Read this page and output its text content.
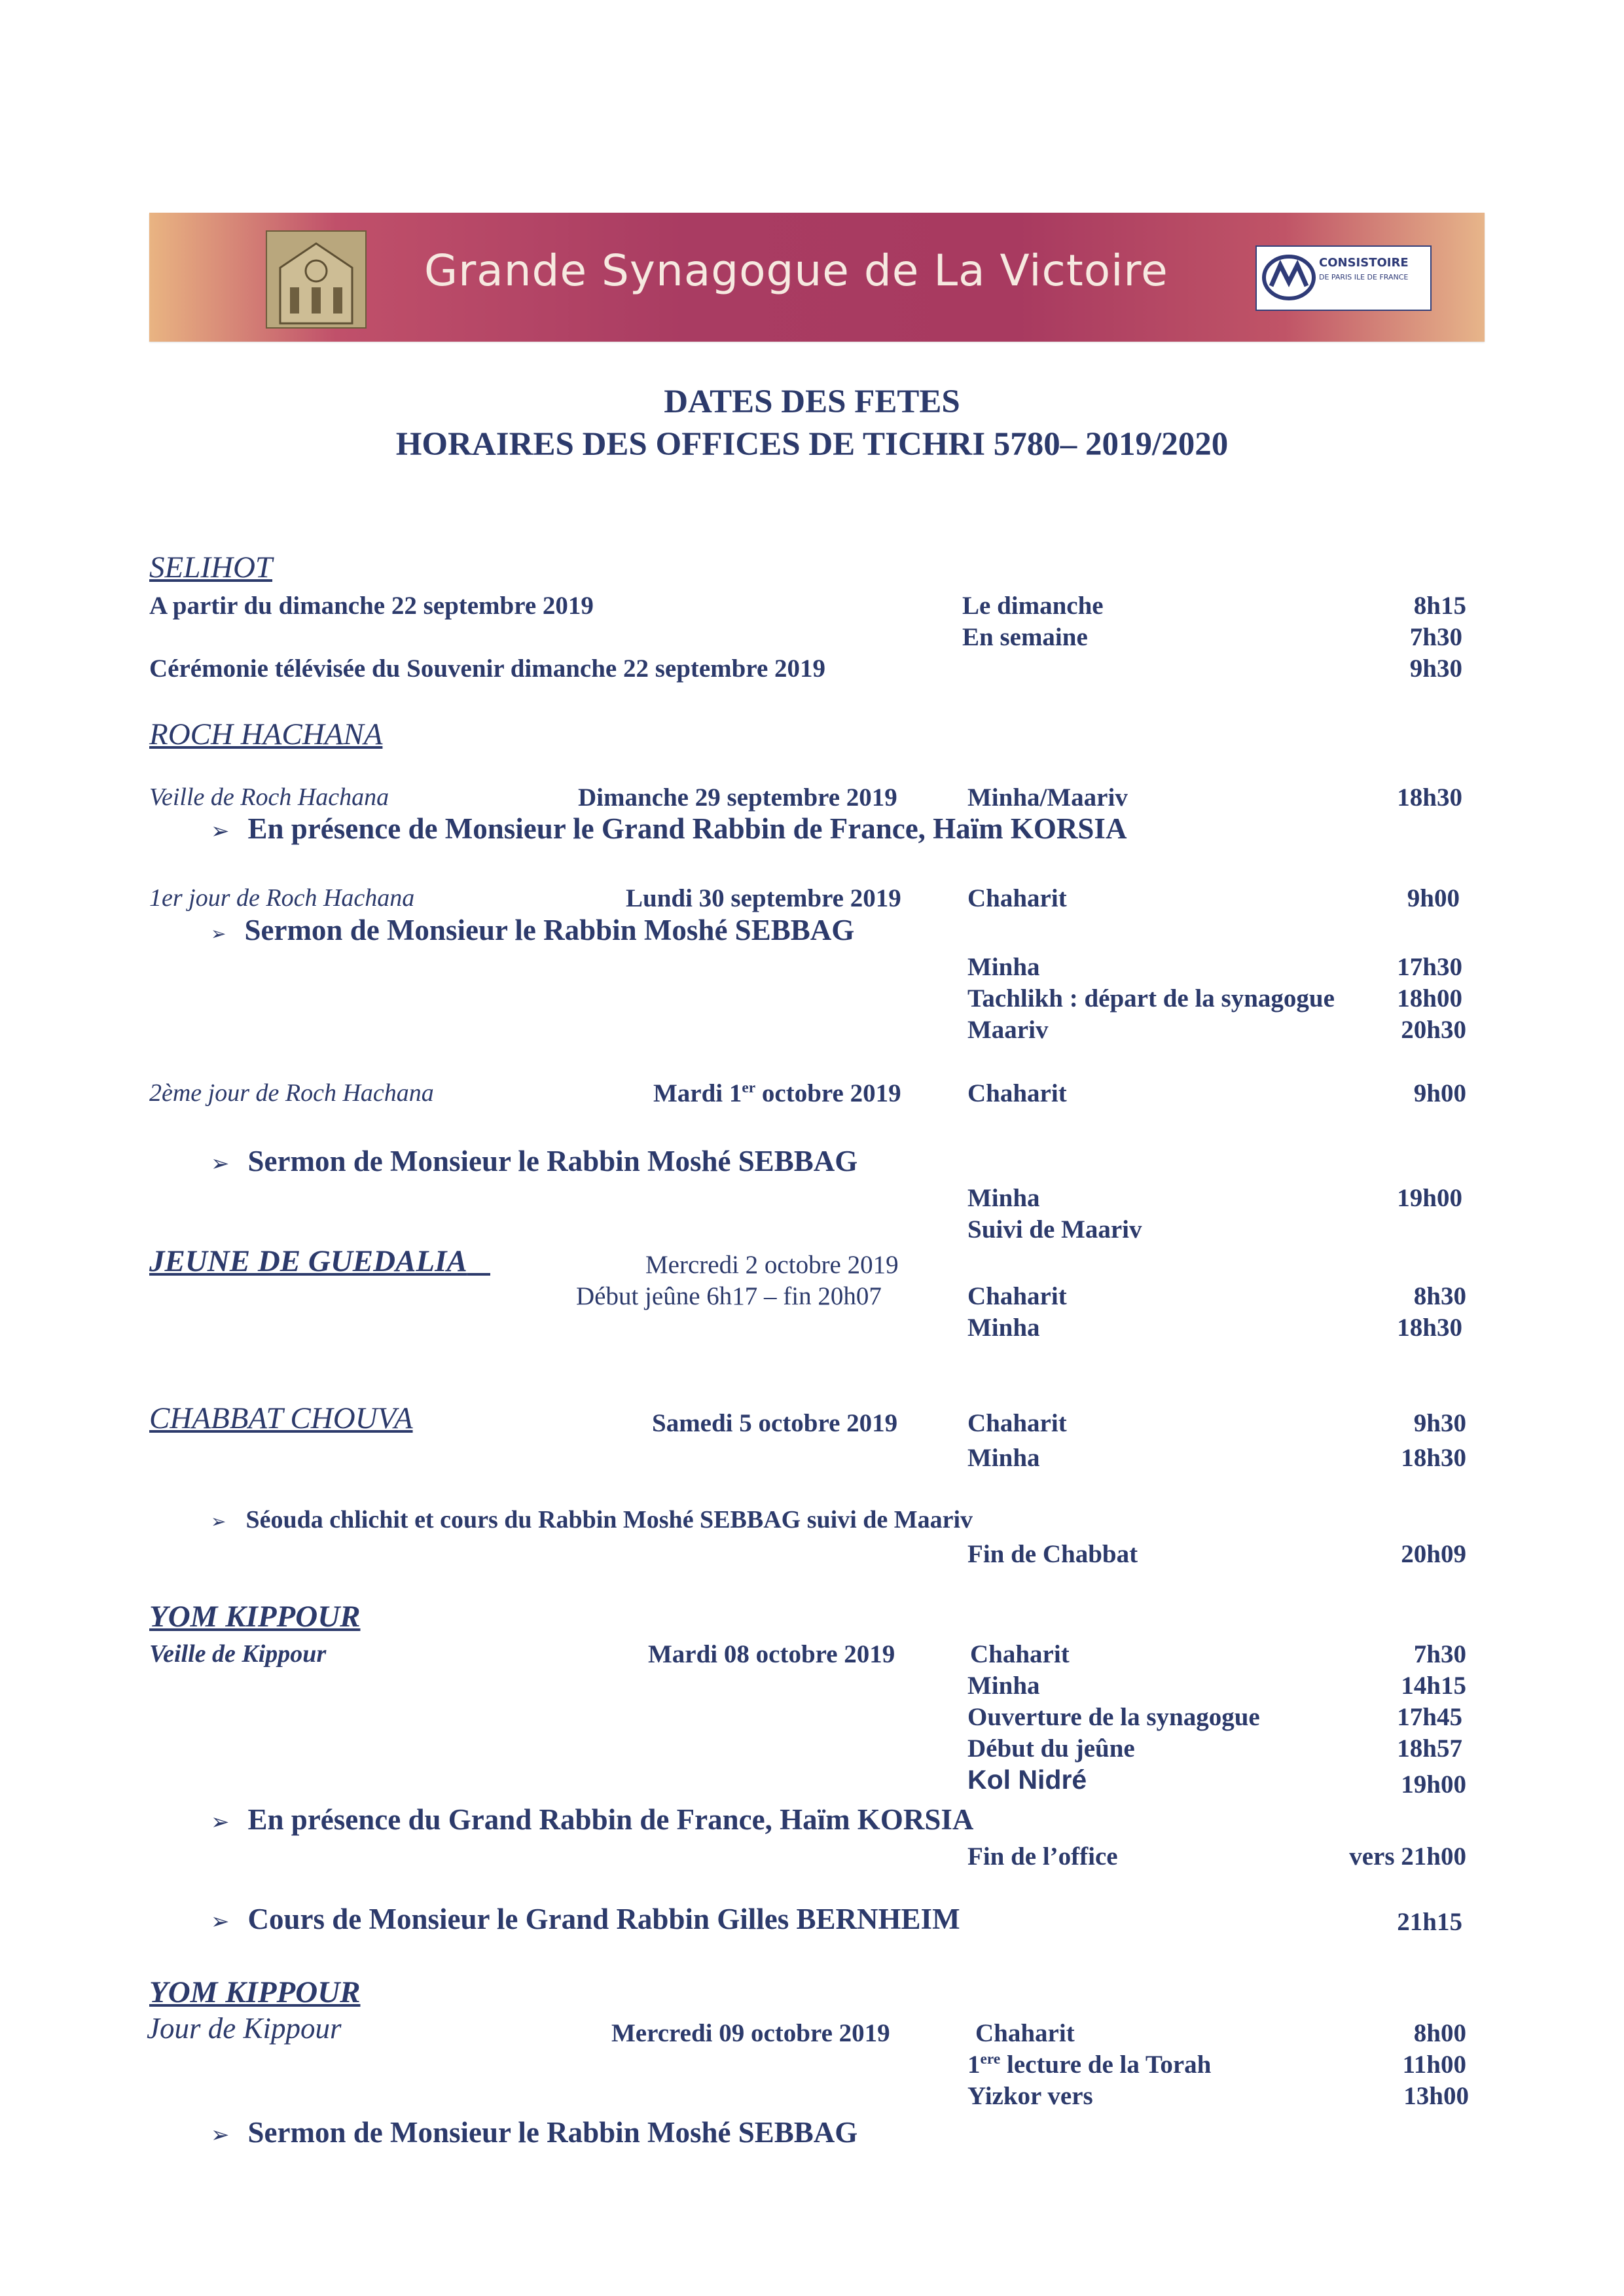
Grande Synagogue de La Victoire	CONSISTOIRE
DE PARIS ILE DE FRANCE
DATES DES FETES
HORAIRES DES OFFICES DE TICHRI 5780– 2019/2020
SELIHOT
A partir du dimanche 22 septembre 2019	Le dimanche	8h15
En semaine	7h30
Cérémonie télévisée du Souvenir dimanche 22 septembre 2019	9h30
ROCH HACHANA
Veille de Roch Hachana	Dimanche 29 septembre 2019	Minha/Maariv	18h30
➢ En présence de Monsieur le Grand Rabbin de France, Haïm KORSIA
1er jour de Roch Hachana	Lundi 30 septembre 2019	Chaharit	9h00
➢ Sermon de Monsieur le Rabbin Moshé SEBBAG
Minha	17h30
Tachlikh : départ de la synagogue	18h00
Maariv	20h30
2ème jour de Roch Hachana	Mardi 1er octobre 2019	Chaharit	9h00
➢ Sermon de Monsieur le Rabbin Moshé SEBBAG
Minha	19h00
Suivi de Maariv
JEUNE DE GUEDALIA	Mercredi 2 octobre 2019
Début jeûne 6h17 – fin 20h07	Chaharit	8h30
Minha	18h30
CHABBAT CHOUVA	Samedi 5 octobre 2019	Chaharit	9h30
Minha	18h30
➢ Séouda chlichit et cours du Rabbin Moshé SEBBAG suivi de Maariv
Fin de Chabbat	20h09
YOM KIPPOUR
Veille de Kippour	Mardi 08 octobre 2019	Chaharit	7h30
Minha	14h15
Ouverture de la synagogue	17h45
Début du jeûne	18h57
Kol Nidré	19h00
➢ En présence du Grand Rabbin de France, Haïm KORSIA
Fin de l’office	vers 21h00
➢ Cours de Monsieur le Grand Rabbin Gilles BERNHEIM	21h15
YOM KIPPOUR
Jour de Kippour	Mercredi 09 octobre 2019	Chaharit	8h00
1ere lecture de la Torah	11h00
Yizkor vers	13h00
➢ Sermon de Monsieur le Rabbin Moshé SEBBAG
